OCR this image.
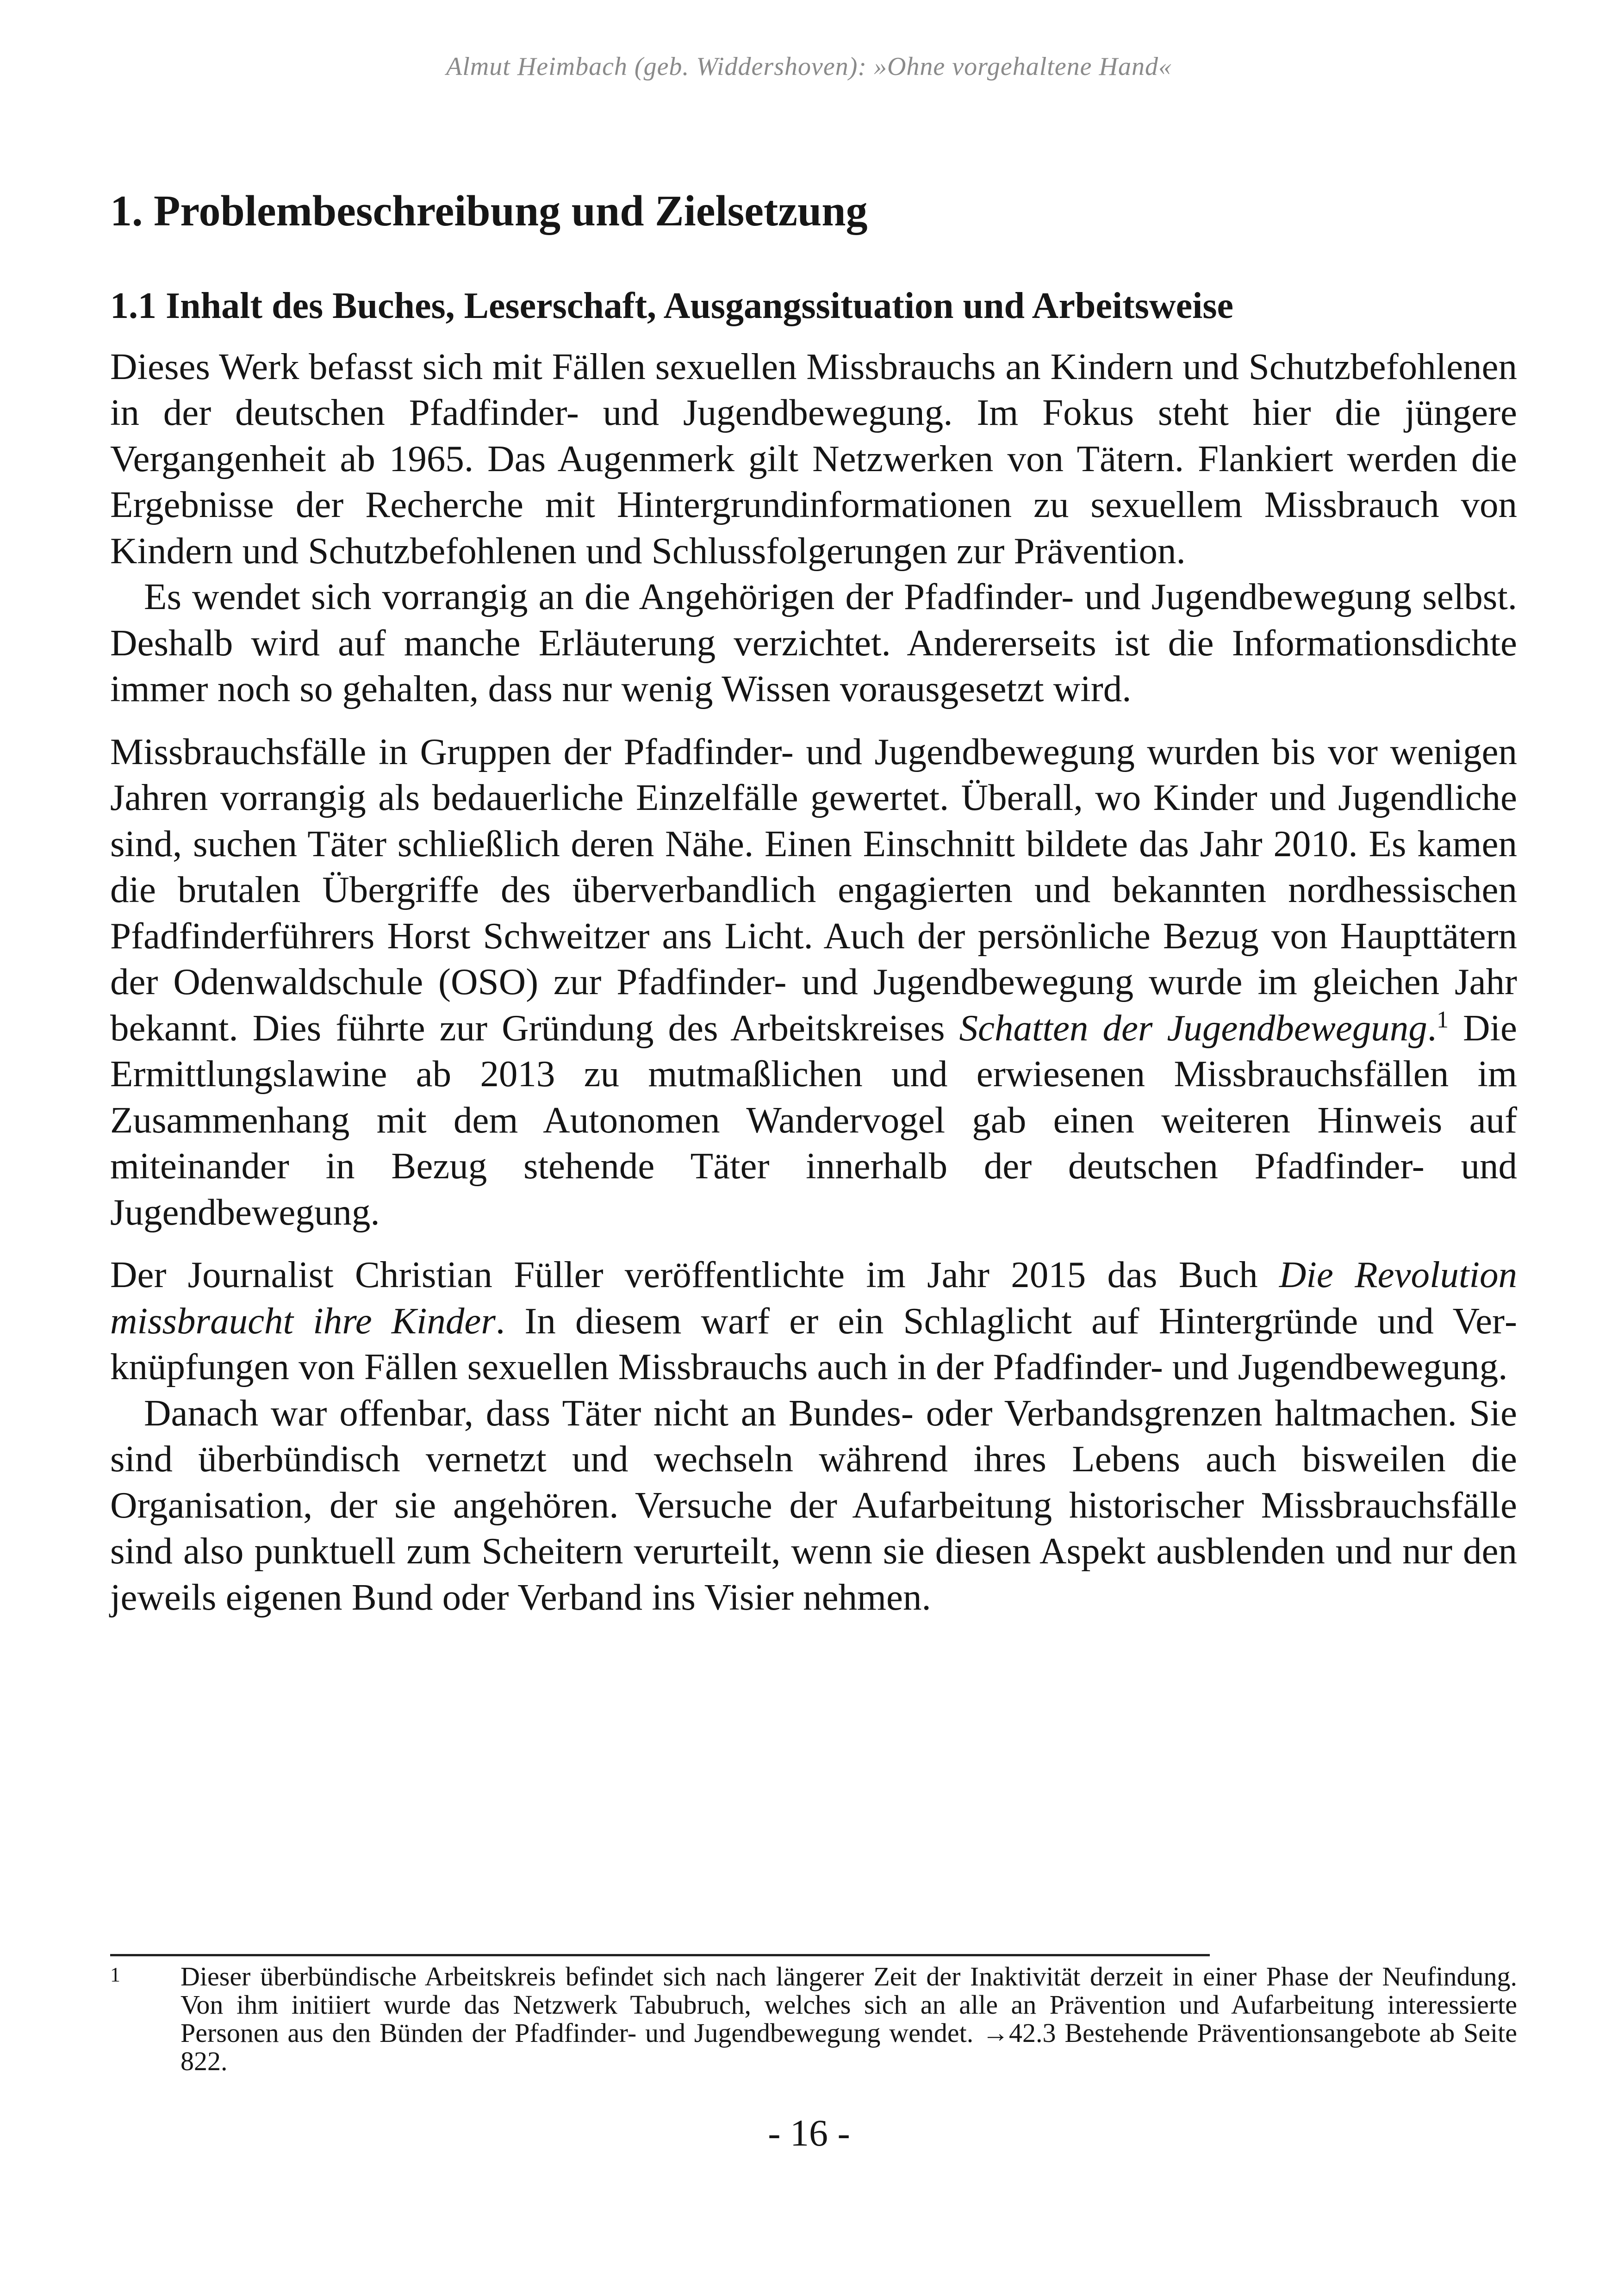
Almut Heimbach (geb. Widdershoven): »Ohne vorgehaltene Hand«
1. Problembeschreibung und Zielsetzung
1.1 Inhalt des Buches, Leserschaft, Ausgangssituation und Arbeitsweise

Dieses Werk befasst sich mit Fällen sexuellen Missbrauchs an Kindern und Schutzbefohlenen in der deutschen Pfadfinder- und Jugendbewegung. Im Fokus steht hier die jüngere Vergangenheit ab 1965. Das Augenmerk gilt Netzwerken von Tätern. Flankiert werden die Ergebnisse der Recherche mit Hintergrundinformationen zu sexuellem Missbrauch von Kindern und Schutzbefohlenen und Schlussfolgerungen zur Prävention.

Es wendet sich vorrangig an die Angehörigen der Pfadfinder- und Jugendbewegung selbst. Deshalb wird auf manche Erläuterung verzichtet. Andererseits ist die Informationsdichte immer noch so gehalten, dass nur wenig Wissen vorausgesetzt wird.

Missbrauchsfälle in Gruppen der Pfadfinder- und Jugendbewegung wurden bis vor wenigen Jahren vorrangig als bedauerliche Einzelfälle gewertet. Überall, wo Kinder und Jugendliche sind, suchen Täter schließlich deren Nähe. Einen Einschnitt bildete das Jahr 2010. Es kamen die brutalen Übergriffe des überverbandlich engagierten und bekannten nordhessischen Pfadfinderführers Horst Schweitzer ans Licht. Auch der persönliche Bezug von Haupttätern der Odenwaldschule (OSO) zur Pfadfinder- und Jugendbewegung wurde im gleichen Jahr bekannt. Dies führte zur Gründung des Arbeitskreises Schatten der Jugendbewegung.$^1$ Die Ermittlungslawine ab 2013 zu mutmaßlichen und erwiesenen Missbrauchsfällen im Zusammenhang mit dem Autonomen Wandervogel gab einen weiteren Hinweis auf miteinander in Bezug stehende Täter innerhalb der deutschen Pfadfinder- und Jugendbewegung.

Der Journalist Christian Füller veröffentlichte im Jahr 2015 das Buch Die Revolution missbraucht ihre Kinder. In diesem warf er ein Schlaglicht auf Hintergründe und Verknüpfungen von Fällen sexuellen Missbrauchs auch in der Pfadfinder- und Jugendbewegung.

Danach war offenbar, dass Täter nicht an Bundes- oder Verbandsgrenzen haltmachen. Sie sind überbündisch vernetzt und wechseln während ihres Lebens auch bisweilen die Organisation, der sie angehören. Versuche der Aufarbeitung historischer Missbrauchsfälle sind also punktuell zum Scheitern verurteilt, wenn sie diesen Aspekt ausblenden und nur den jeweils eigenen Bund oder Verband ins Visier nehmen.

1 Dieser überbündische Arbeitskreis befindet sich nach längerer Zeit der Inaktivität derzeit in einer Phase der Neufindung. Von ihm initiiert wurde das Netzwerk Tabubruch, welches sich an alle an Prävention und Aufarbeitung interessierte Personen aus den Bünden der Pfadfinder- und Jugendbewegung wendet. →42.3 Bestehende Präventionsangebote ab Seite 822.
- 16 -
